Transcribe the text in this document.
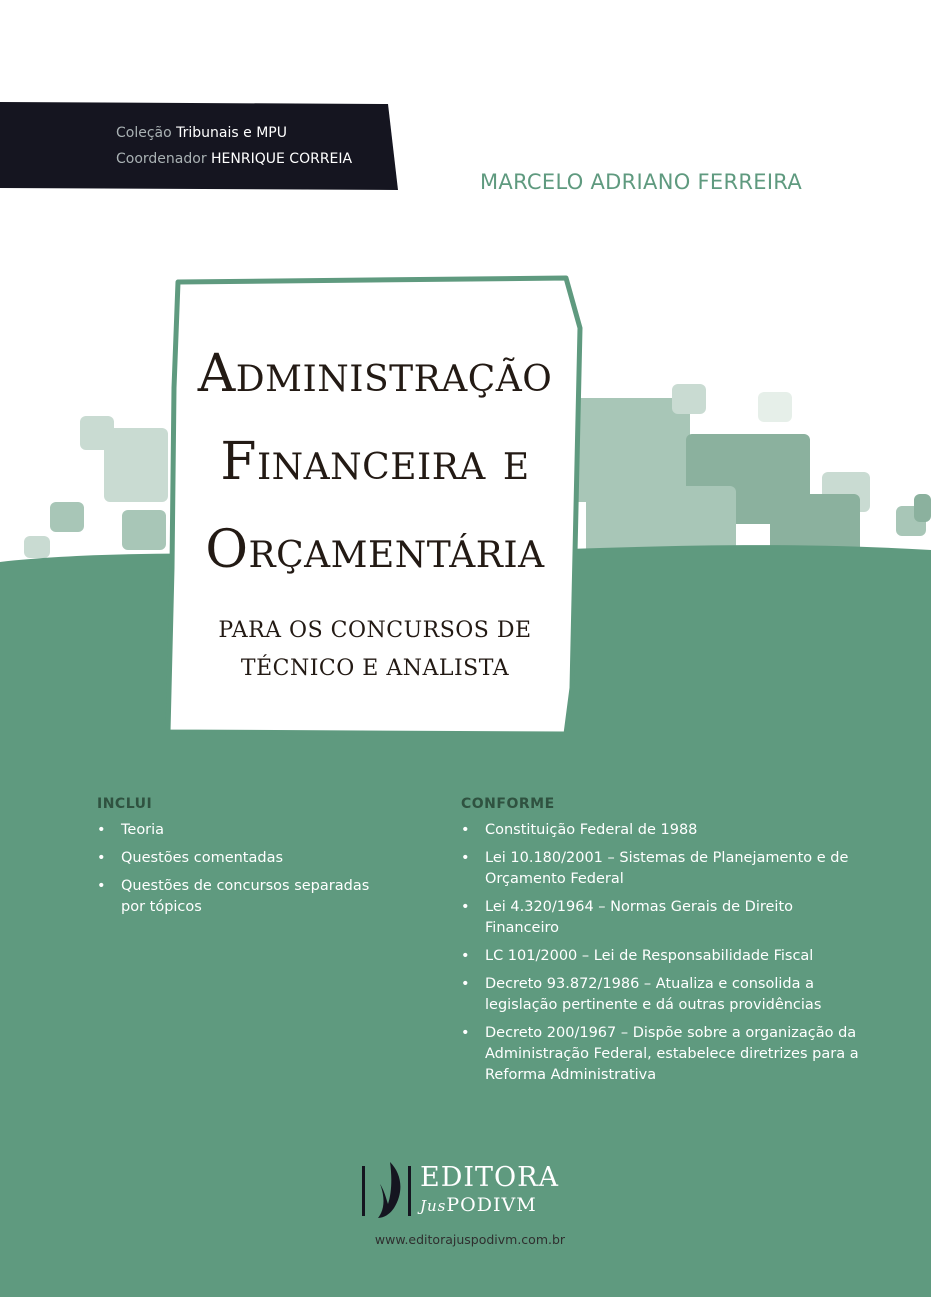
Coleção Tribunais e MPU
Coordenador HENRIQUE CORREIA
MARCELO ADRIANO FERREIRA
Administração
Financeira e
Orçamentária
PARA OS CONCURSOS DE
TÉCNICO E ANALISTA
INCLUI
• Teoria
• Questões comentadas
• Questões de concursos separadas por tópicos
CONFORME
• Constituição Federal de 1988
• Lei 10.180/2001 – Sistemas de Planejamento e de Orçamento Federal
• Lei 4.320/1964 – Normas Gerais de Direito Financeiro
• LC 101/2000 – Lei de Responsabilidade Fiscal
• Decreto 93.872/1986 – Atualiza e consolida a legislação pertinente e dá outras providências
• Decreto 200/1967 – Dispõe sobre a organização da Administração Federal, estabelece diretrizes para a Reforma Administrativa
EDITORA
JusPODIVM
www.editorajuspodivm.com.br
